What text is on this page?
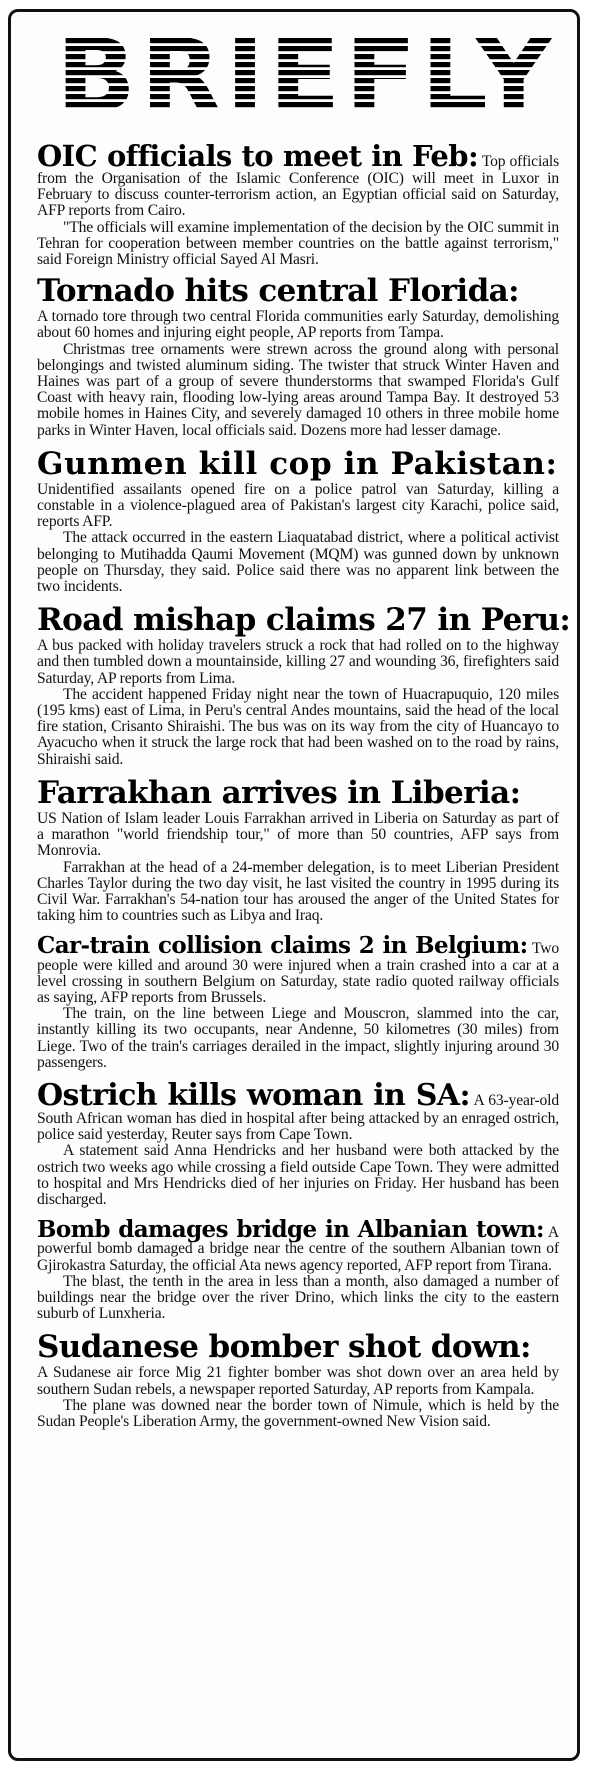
BRIEFLY

OIC officials to meet in Feb: Top officials from the Organisation of the Islamic Conference (OIC) will meet in Luxor in February to discuss counter-terrorism action, an Egyptian official said on Saturday, AFP reports from Cairo.

"The officials will examine implementation of the decision by the OIC summit in Tehran for cooperation between member countries on the battle against terrorism," said Foreign Ministry official Sayed Al Masri.

Tornado hits central Florida:

A tornado tore through two central Florida communities early Saturday, demolishing about 60 homes and injuring eight people, AP reports from Tampa.

Christmas tree ornaments were strewn across the ground along with personal belongings and twisted aluminum siding. The twister that struck Winter Haven and Haines was part of a group of severe thunderstorms that swamped Florida's Gulf Coast with heavy rain, flooding low-lying areas around Tampa Bay. It destroyed 53 mobile homes in Haines City, and severely damaged 10 others in three mobile home parks in Winter Haven, local officials said. Dozens more had lesser damage.

Gunmen kill cop in Pakistan:

Unidentified assailants opened fire on a police patrol van Saturday, killing a constable in a violence-plagued area of Pakistan's largest city Karachi, police said, reports AFP.

The attack occurred in the eastern Liaquatabad district, where a political activist belonging to Mutihadda Qaumi Movement (MQM) was gunned down by unknown people on Thursday, they said. Police said there was no apparent link between the two incidents.

Road mishap claims 27 in Peru:

A bus packed with holiday travelers struck a rock that had rolled on to the highway and then tumbled down a mountainside, killing 27 and wounding 36, firefighters said Saturday, AP reports from Lima.

The accident happened Friday night near the town of Huacrapuquio, 120 miles (195 kms) east of Lima, in Peru's central Andes mountains, said the head of the local fire station, Crisanto Shiraishi. The bus was on its way from the city of Huancayo to Ayacucho when it struck the large rock that had been washed on to the road by rains, Shiraishi said.

Farrakhan arrives in Liberia:

US Nation of Islam leader Louis Farrakhan arrived in Liberia on Saturday as part of a marathon "world friendship tour," of more than 50 countries, AFP says from Monrovia.

Farrakhan at the head of a 24-member delegation, is to meet Liberian President Charles Taylor during the two day visit, he last visited the country in 1995 during its Civil War. Farrakhan's 54-nation tour has aroused the anger of the United States for taking him to countries such as Libya and Iraq.

Car-train collision claims 2 in Belgium: Two people were killed and around 30 were injured when a train crashed into a car at a level crossing in southern Belgium on Saturday, state radio quoted railway officials as saying, AFP reports from Brussels.

The train, on the line between Liege and Mouscron, slammed into the car, instantly killing its two occupants, near Andenne, 50 kilometres (30 miles) from Liege. Two of the train's carriages derailed in the impact, slightly injuring around 30 passengers.

Ostrich kills woman in SA: A 63-year-old South African woman has died in hospital after being attacked by an enraged ostrich, police said yesterday, Reuter says from Cape Town.

A statement said Anna Hendricks and her husband were both attacked by the ostrich two weeks ago while crossing a field outside Cape Town. They were admitted to hospital and Mrs Hendricks died of her injuries on Friday. Her husband has been discharged.

Bomb damages bridge in Albanian town: A powerful bomb damaged a bridge near the centre of the southern Albanian town of Gjirokastra Saturday, the official Ata news agency reported, AFP report from Tirana.

The blast, the tenth in the area in less than a month, also damaged a number of buildings near the bridge over the river Drino, which links the city to the eastern suburb of Lunxheria.

Sudanese bomber shot down:

A Sudanese air force Mig 21 fighter bomber was shot down over an area held by southern Sudan rebels, a newspaper reported Saturday, AP reports from Kampala.

The plane was downed near the border town of Nimule, which is held by the Sudan People's Liberation Army, the government-owned New Vision said.
